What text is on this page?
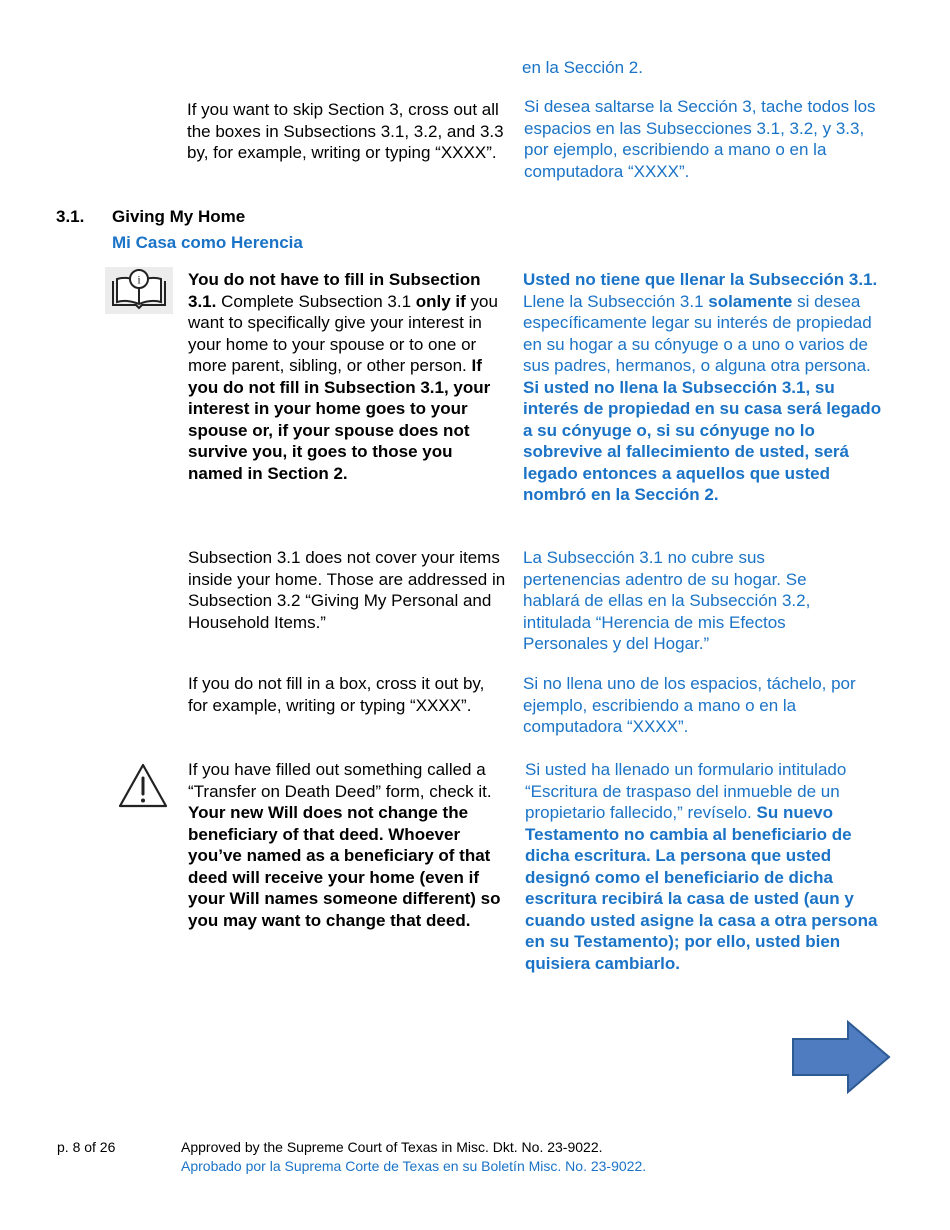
en la Sección 2.
If you want to skip Section 3, cross out all the boxes in Subsections 3.1, 3.2, and 3.3 by, for example, writing or typing “XXXX”.
Si desea saltarse la Sección 3, tache todos los espacios en las Subsecciones 3.1, 3.2, y 3.3, por ejemplo, escribiendo a mano o en la computadora “XXXX”.
3.1. Giving My Home
Mi Casa como Herencia
i	You do not have to fill in Subsection 3.1. Complete Subsection 3.1 only if you want to specifically give your interest in your home to your spouse or to one or more parent, sibling, or other person. If you do not fill in Subsection 3.1, your interest in your home goes to your spouse or, if your spouse does not survive you, it goes to those you named in Section 2.
Usted no tiene que llenar la Subsección 3.1. Llene la Subsección 3.1 solamente si desea específicamente legar su interés de propiedad en su hogar a su cónyuge o a uno o varios de sus padres, hermanos, o alguna otra persona. Si usted no llena la Subsección 3.1, su interés de propiedad en su casa será legado a su cónyuge o, si su cónyuge no lo sobrevive al fallecimiento de usted, será legado entonces a aquellos que usted nombró en la Sección 2.
Subsection 3.1 does not cover your items inside your home. Those are addressed in Subsection 3.2 “Giving My Personal and Household Items.”
La Subsección 3.1 no cubre sus pertenencias adentro de su hogar. Se hablará de ellas en la Subsección 3.2, intitulada “Herencia de mis Efectos Personales y del Hogar.”
If you do not fill in a box, cross it out by, for example, writing or typing “XXXX”.
Si no llena uno de los espacios, táchelo, por ejemplo, escribiendo a mano o en la computadora “XXXX”.
If you have filled out something called a “Transfer on Death Deed” form, check it. Your new Will does not change the beneficiary of that deed. Whoever you’ve named as a beneficiary of that deed will receive your home (even if your Will names someone different) so you may want to change that deed.
Si usted ha llenado un formulario intitulado “Escritura de traspaso del inmueble de un propietario fallecido,” revíselo. Su nuevo Testamento no cambia al beneficiario de dicha escritura. La persona que usted designó como el beneficiario de dicha escritura recibirá la casa de usted (aun y cuando usted asigne la casa a otra persona en su Testamento); por ello, usted bien quisiera cambiarlo.
p. 8 of 26	Approved by the Supreme Court of Texas in Misc. Dkt. No. 23-9022.
Aprobado por la Suprema Corte de Texas en su Boletín Misc. No. 23-9022.
